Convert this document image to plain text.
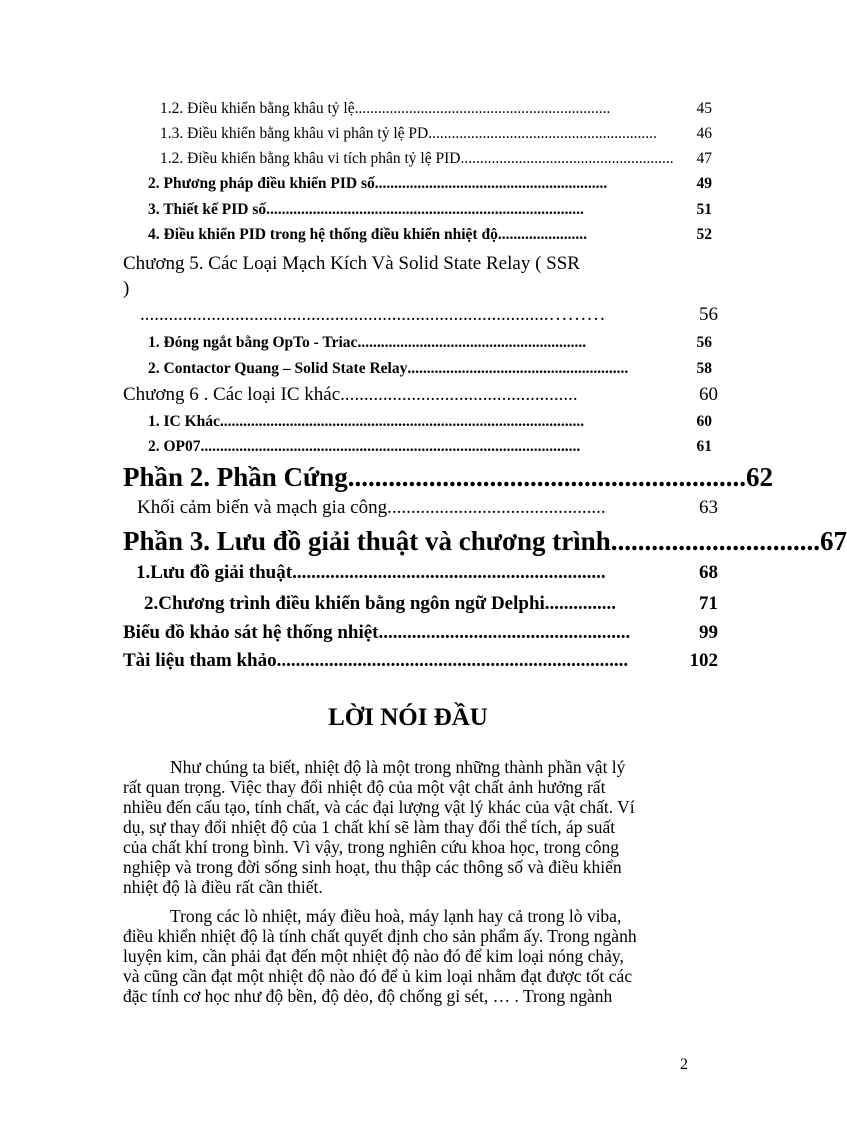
1.2. Điều khiển bằng khâu tỷ lệ ..................................................................	45
1.3. Điều khiển bằng khâu vi phân tỷ lệ PD ...........................................................	46
1.2. Điều khiển bằng khâu vi tích phân tỷ lệ PID .......................................................	47
2. Phương pháp điều khiển PID số ............................................................	49
3. Thiết kế PID số ..................................................................................	51
4. Điều khiển PID trong hệ thống điều khiển nhiệt độ .......................	52
Chương 5. Các Loại Mạch Kích Và Solid State Relay ( SSR
)
......................................................................................………	56
1. Đóng ngắt bằng OpTo - Triac ...........................................................	56
2. Contactor Quang – Solid State Relay .........................................................	58
Chương 6 . Các loại IC khác ..................................................	60
1. IC Khác ..............................................................................................	60
2. OP07 ..................................................................................................	61
Phần 2. Phần Cứng ........................................................... 62
Khối cảm biến và mạch gia công ..............................................	63
Phần 3. Lưu đồ giải thuật và chương trình ............................... 67
1.Lưu đồ giải thuật ..................................................................	68
2.Chương trình điều khiển bằng ngôn ngữ Delphi ...............	71
Biểu đồ khảo sát hệ thống nhiệt .....................................................	99
Tài liệu tham khảo ..........................................................................	102
LỜI NÓI ĐẦU
Như chúng ta biết, nhiệt độ là một trong những thành phần vật lý
rất quan trọng. Việc thay đổi nhiệt độ của một vật chất ảnh hưởng rất
nhiều đến cấu tạo, tính chất, và các đại lượng vật lý khác của vật chất. Ví
dụ, sự thay đổi nhiệt độ của 1 chất khí sẽ làm thay đổi thể tích, áp suất
của chất khí trong bình. Vì vậy, trong nghiên cứu khoa học, trong công
nghiệp và trong đời sống sinh hoạt, thu thập các thông số và điều khiển
nhiệt độ là điều rất cần thiết.
Trong các lò nhiệt, máy điều hoà, máy lạnh hay cả trong lò viba,
điều khiển nhiệt độ là tính chất quyết định cho sản phẩm ấy. Trong ngành
luyện kim, cần phải đạt đến một nhiệt độ nào đó để kim loại nóng chảy,
và cũng cần đạt một nhiệt độ nào đó để ủ kim loại nhằm đạt được tốt các
đặc tính cơ học như độ bền, độ dẻo, độ chống gỉ sét, … . Trong ngành
2
